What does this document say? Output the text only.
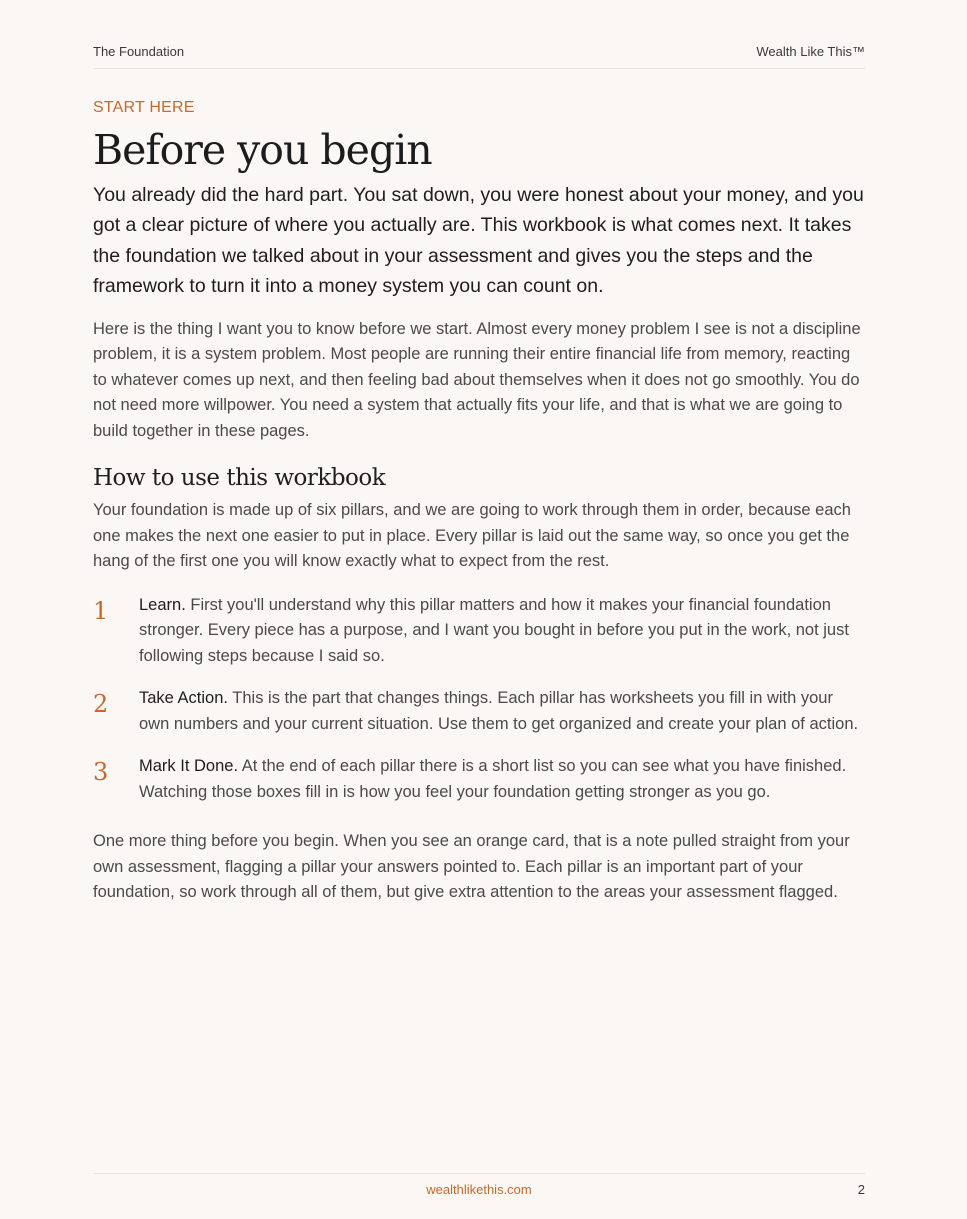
The Foundation	Wealth Like This™

START HERE

Before you begin

You already did the hard part. You sat down, you were honest about your money, and you got a clear picture of where you actually are. This workbook is what comes next. It takes the foundation we talked about in your assessment and gives you the steps and the framework to turn it into a money system you can count on.

Here is the thing I want you to know before we start. Almost every money problem I see is not a discipline problem, it is a system problem. Most people are running their entire financial life from memory, reacting to whatever comes up next, and then feeling bad about themselves when it does not go smoothly. You do not need more willpower. You need a system that actually fits your life, and that is what we are going to build together in these pages.

How to use this workbook

Your foundation is made up of six pillars, and we are going to work through them in order, because each one makes the next one easier to put in place. Every pillar is laid out the same way, so once you get the hang of the first one you will know exactly what to expect from the rest.

1	Learn. First you'll understand why this pillar matters and how it makes your financial foundation stronger. Every piece has a purpose, and I want you bought in before you put in the work, not just following steps because I said so.
2	Take Action. This is the part that changes things. Each pillar has worksheets you fill in with your own numbers and your current situation. Use them to get organized and create your plan of action.
3	Mark It Done. At the end of each pillar there is a short list so you can see what you have finished. Watching those boxes fill in is how you feel your foundation getting stronger as you go.

One more thing before you begin. When you see an orange card, that is a note pulled straight from your own assessment, flagging a pillar your answers pointed to. Each pillar is an important part of your foundation, so work through all of them, but give extra attention to the areas your assessment flagged.

wealthlikethis.com	2
